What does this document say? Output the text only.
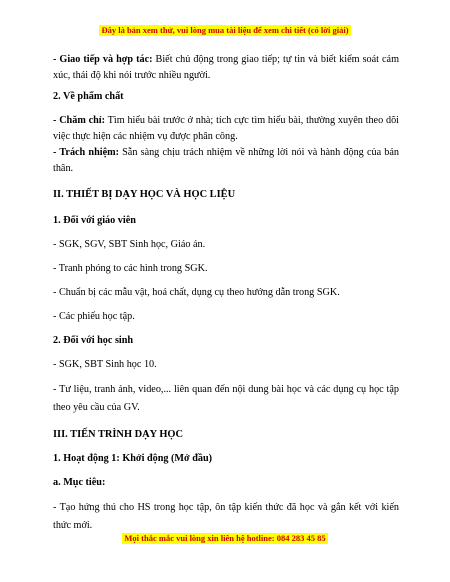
Đây là bản xem thử, vui lòng mua tài liệu để xem chi tiết (có lời giải)

- Giao tiếp và hợp tác: Biết chủ động trong giao tiếp; tự tin và biết kiểm soát cảm xúc, thái độ khi nói trước nhiều người.

2. Về phẩm chất

- Chăm chỉ: Tìm hiểu bài trước ở nhà; tích cực tìm hiểu bài, thường xuyên theo dõi việc thực hiện các nhiệm vụ được phân công.

- Trách nhiệm: Sẵn sàng chịu trách nhiệm về những lời nói và hành động của bản thân.

II. THIẾT BỊ DẠY HỌC VÀ HỌC LIỆU

1. Đối với giáo viên

- SGK, SGV, SBT Sinh học, Giáo án.

- Tranh phóng to các hình trong SGK.

- Chuẩn bị các mẫu vật, hoá chất, dụng cụ theo hướng dẫn trong SGK.

- Các phiếu học tập.

2. Đối với học sinh

- SGK, SBT Sinh học 10.

- Tư liệu, tranh ảnh, video,... liên quan đến nội dung bài học và các dụng cụ học tập theo yêu cầu của GV.

III. TIẾN TRÌNH DẠY HỌC

1. Hoạt động 1: Khởi động (Mở đầu)

a. Mục tiêu:

- Tạo hứng thú cho HS trong học tập, ôn tập kiến thức đã học và gắn kết với kiến thức mới.

Mọi thắc mắc vui lòng xin liên hệ hotline: 084 283 45 85
